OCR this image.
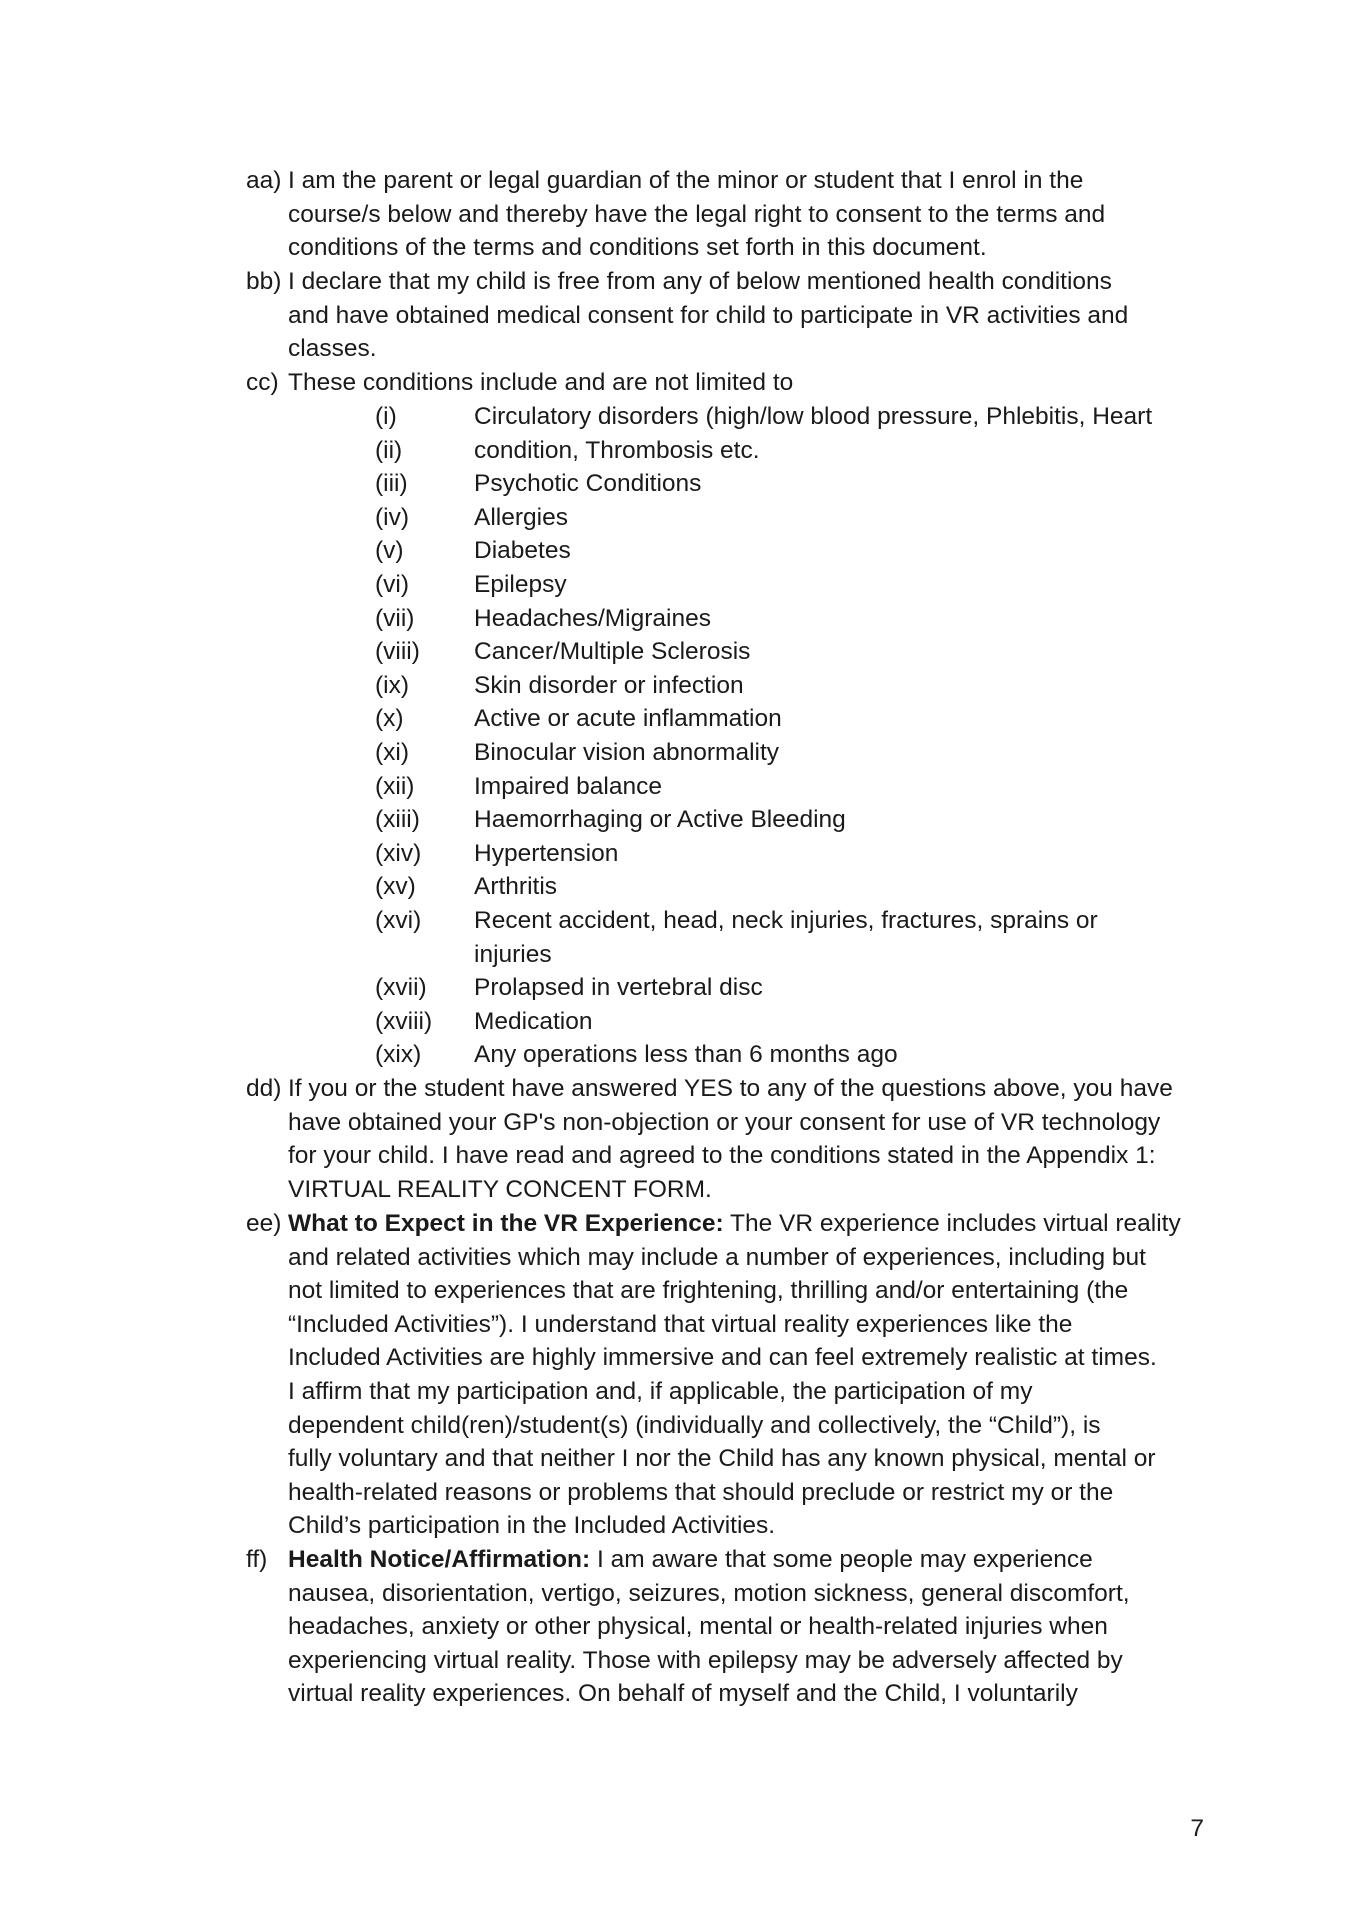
aa) I am the parent or legal guardian of the minor or student that I enrol in the
course/s below and thereby have the legal right to consent to the terms and
conditions of the terms and conditions set forth in this document.
bb) I declare that my child is free from any of below mentioned health conditions
and have obtained medical consent for child to participate in VR activities and
classes.
cc) These conditions include and are not limited to
(i)	Circulatory disorders (high/low blood pressure, Phlebitis, Heart
(ii)	condition, Thrombosis etc.
(iii)	Psychotic Conditions
(iv)	Allergies
(v)	Diabetes
(vi)	Epilepsy
(vii)	Headaches/Migraines
(viii)	Cancer/Multiple Sclerosis
(ix)	Skin disorder or infection
(x)	Active or acute inflammation
(xi)	Binocular vision abnormality
(xii)	Impaired balance
(xiii)	Haemorrhaging or Active Bleeding
(xiv)	Hypertension
(xv)	Arthritis
(xvi)	Recent accident, head, neck injuries, fractures, sprains or
injuries
(xvii)	Prolapsed in vertebral disc
(xviii)	Medication
(xix)	Any operations less than 6 months ago
dd) If you or the student have answered YES to any of the questions above, you have
have obtained your GP's non-objection or your consent for use of VR technology
for your child. I have read and agreed to the conditions stated in the Appendix 1:
VIRTUAL REALITY CONCENT FORM.
ee) What to Expect in the VR Experience: The VR experience includes virtual reality
and related activities which may include a number of experiences, including but
not limited to experiences that are frightening, thrilling and/or entertaining (the
“Included Activities”). I understand that virtual reality experiences like the
Included Activities are highly immersive and can feel extremely realistic at times.
I affirm that my participation and, if applicable, the participation of my
dependent child(ren)/student(s) (individually and collectively, the “Child”), is
fully voluntary and that neither I nor the Child has any known physical, mental or
health-related reasons or problems that should preclude or restrict my or the
Child’s participation in the Included Activities.
ff) Health Notice/Affirmation: I am aware that some people may experience
nausea, disorientation, vertigo, seizures, motion sickness, general discomfort,
headaches, anxiety or other physical, mental or health-related injuries when
experiencing virtual reality. Those with epilepsy may be adversely affected by
virtual reality experiences. On behalf of myself and the Child, I voluntarily
7
